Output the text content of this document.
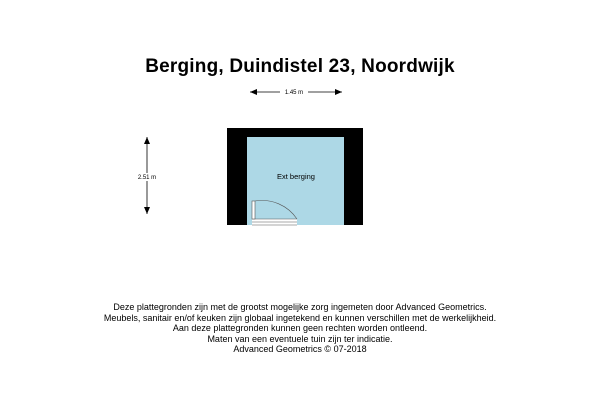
Berging, Duindistel 23, Noordwijk
1.45 m
2.51 m	Ext berging
Deze plattegronden zijn met de grootst mogelijke zorg ingemeten door Advanced Geometrics.
Meubels, sanitair en/of keuken zijn globaal ingetekend en kunnen verschillen met de werkelijkheid.
Aan deze plattegronden kunnen geen rechten worden ontleend.
Maten van een eventuele tuin zijn ter indicatie.
Advanced Geometrics © 07-2018
